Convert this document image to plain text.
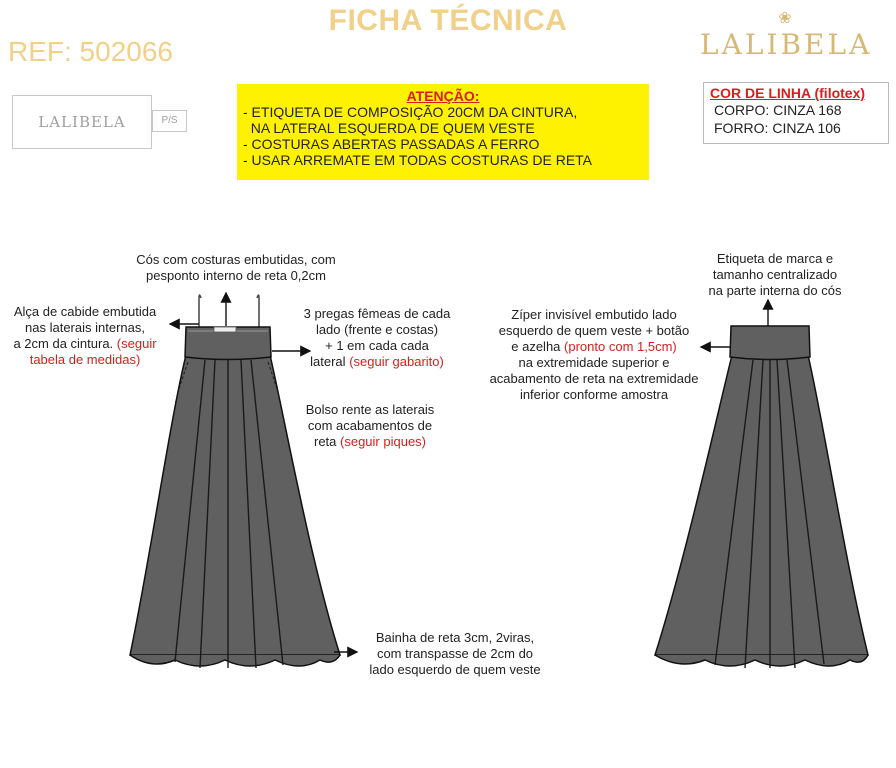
FICHA TÉCNICA
REF: 502066
❀
LALIBELA
LALIBELA	P/S
ATENÇÃO:
- ETIQUETA DE COMPOSIÇÃO 20CM DA CINTURA,
NA LATERAL ESQUERDA DE QUEM VESTE
- COSTURAS ABERTAS PASSADAS A FERRO
- USAR ARREMATE EM TODAS COSTURAS DE RETA
COR DE LINHA (filotex)
CORPO: CINZA 168
FORRO: CINZA 106
Cós com costuras embutidas, com
pesponto interno de reta 0,2cm
Alça de cabide embutida
nas laterais internas,
a 2cm da cintura. (seguir
tabela de medidas)
3 pregas fêmeas de cada
lado (frente e costas)
+ 1 em cada cada
lateral (seguir gabarito)
Bolso rente as laterais
com acabamentos de
reta (seguir piques)
Bainha de reta 3cm, 2viras,
com transpasse de 2cm do
lado esquerdo de quem veste
Zíper invisível embutido lado
esquerdo de quem veste + botão
e azelha (pronto com 1,5cm)
na extremidade superior e
acabamento de reta na extremidade
inferior conforme amostra
Etiqueta de marca e
tamanho centralizado
na parte interna do cós
